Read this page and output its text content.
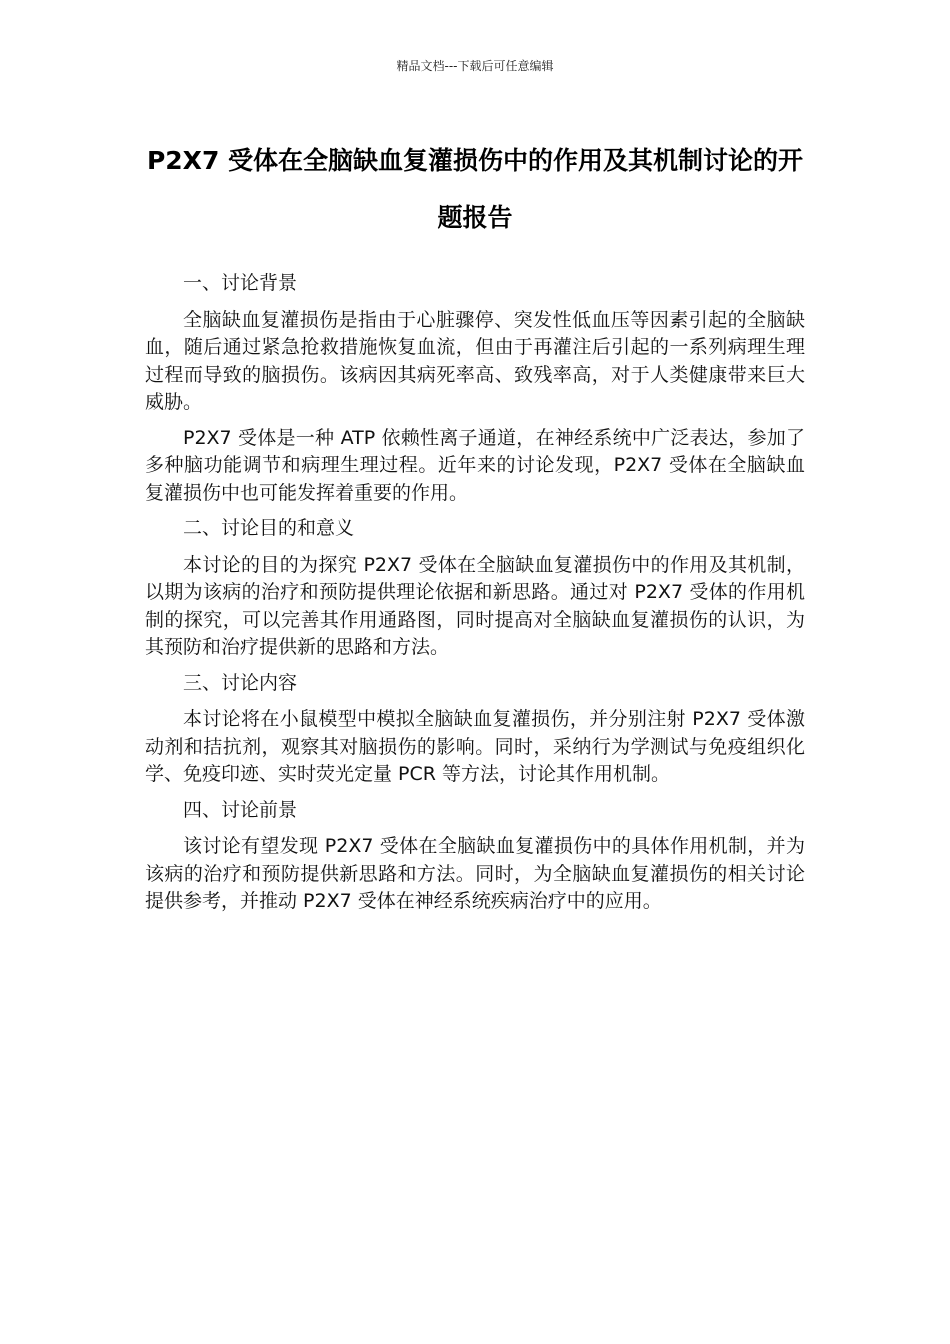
精品文档---下载后可任意编辑
P2X7 受体在全脑缺血复灌损伤中的作用及其机制讨论的开题报告

一、讨论背景

全脑缺血复灌损伤是指由于心脏骤停、突发性低血压等因素引起的全脑缺血，随后通过紧急抢救措施恢复血流，但由于再灌注后引起的一系列病理生理过程而导致的脑损伤。该病因其病死率高、致残率高，对于人类健康带来巨大威胁。

P2X7 受体是一种 ATP 依赖性离子通道，在神经系统中广泛表达，参加了多种脑功能调节和病理生理过程。近年来的讨论发现，P2X7 受体在全脑缺血复灌损伤中也可能发挥着重要的作用。

二、讨论目的和意义

本讨论的目的为探究 P2X7 受体在全脑缺血复灌损伤中的作用及其机制，以期为该病的治疗和预防提供理论依据和新思路。通过对 P2X7 受体的作用机制的探究，可以完善其作用通路图，同时提高对全脑缺血复灌损伤的认识，为其预防和治疗提供新的思路和方法。

三、讨论内容

本讨论将在小鼠模型中模拟全脑缺血复灌损伤，并分别注射 P2X7 受体激动剂和拮抗剂，观察其对脑损伤的影响。同时，采纳行为学测试与免疫组织化学、免疫印迹、实时荧光定量 PCR 等方法，讨论其作用机制。

四、讨论前景

该讨论有望发现 P2X7 受体在全脑缺血复灌损伤中的具体作用机制，并为该病的治疗和预防提供新思路和方法。同时，为全脑缺血复灌损伤的相关讨论提供参考，并推动 P2X7 受体在神经系统疾病治疗中的应用。
